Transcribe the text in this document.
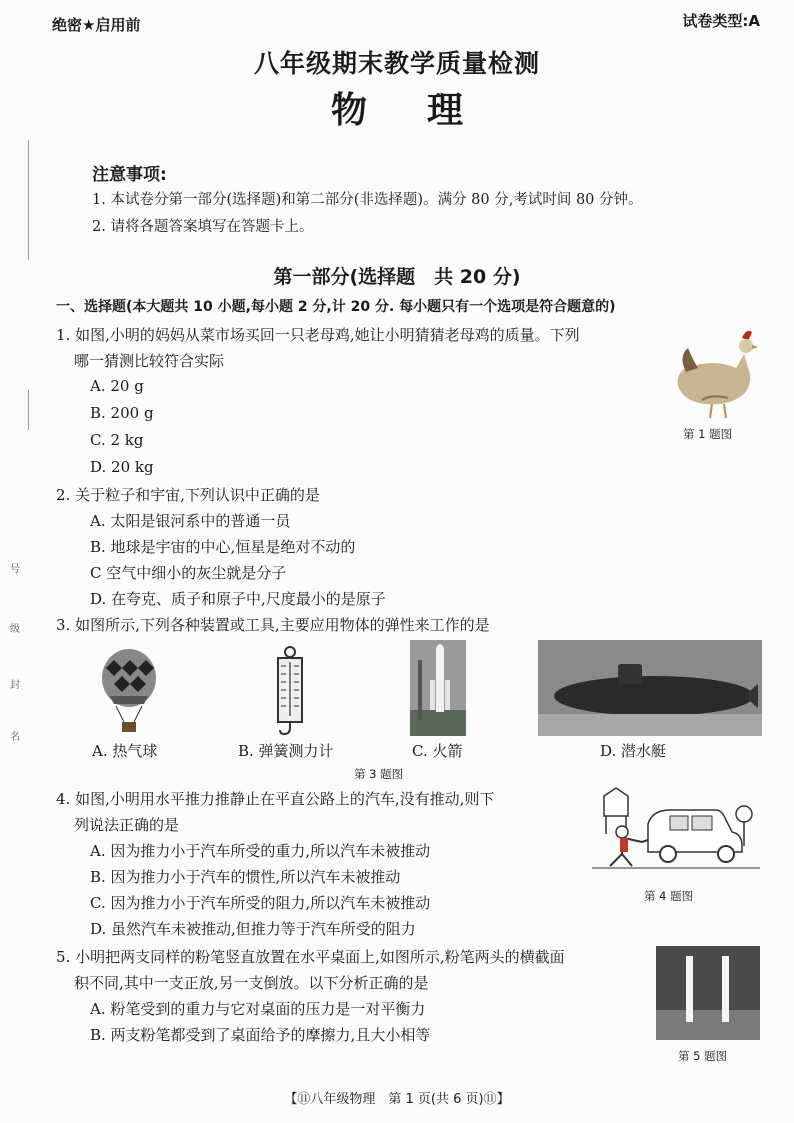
号
级
封
名
绝密★启用前	试卷类型:A
八年级期末教学质量检测
物理
注意事项:
1. 本试卷分第一部分(选择题)和第二部分(非选择题)。满分 80 分,考试时间 80 分钟。
2. 请将各题答案填写在答题卡上。
第一部分(选择题　共 20 分)
一、选择题(本大题共 10 小题,每小题 2 分,计 20 分. 每小题只有一个选项是符合题意的)
1. 如图,小明的妈妈从菜市场买回一只老母鸡,她让小明猜猜老母鸡的质量。下列
哪一猜测比较符合实际
A. 20 g
B. 200 g
C. 2 kg
D. 20 kg
第 1 题图
2. 关于粒子和宇宙,下列认识中正确的是
A. 太阳是银河系中的普通一员
B. 地球是宇宙的中心,恒星是绝对不动的
C 空气中细小的灰尘就是分子
D. 在夸克、质子和原子中,尺度最小的是原子
3. 如图所示,下列各种装置或工具,主要应用物体的弹性来工作的是
A. 热气球	B. 弹簧测力计	C. 火箭	D. 潜水艇
第 3 题图
4. 如图,小明用水平推力推静止在平直公路上的汽车,没有推动,则下
列说法正确的是
A. 因为推力小于汽车所受的重力,所以汽车未被推动
B. 因为推力小于汽车的惯性,所以汽车未被推动
C. 因为推力小于汽车所受的阻力,所以汽车未被推动
D. 虽然汽车未被推动,但推力等于汽车所受的阻力
第 4 题图
5. 小明把两支同样的粉笔竖直放置在水平桌面上,如图所示,粉笔两头的横截面
积不同,其中一支正放,另一支倒放。以下分析正确的是
A. 粉笔受到的重力与它对桌面的压力是一对平衡力
B. 两支粉笔都受到了桌面给予的摩擦力,且大小相等
第 5 题图
【⑪八年级物理　第 1 页(共 6 页)⑪】
